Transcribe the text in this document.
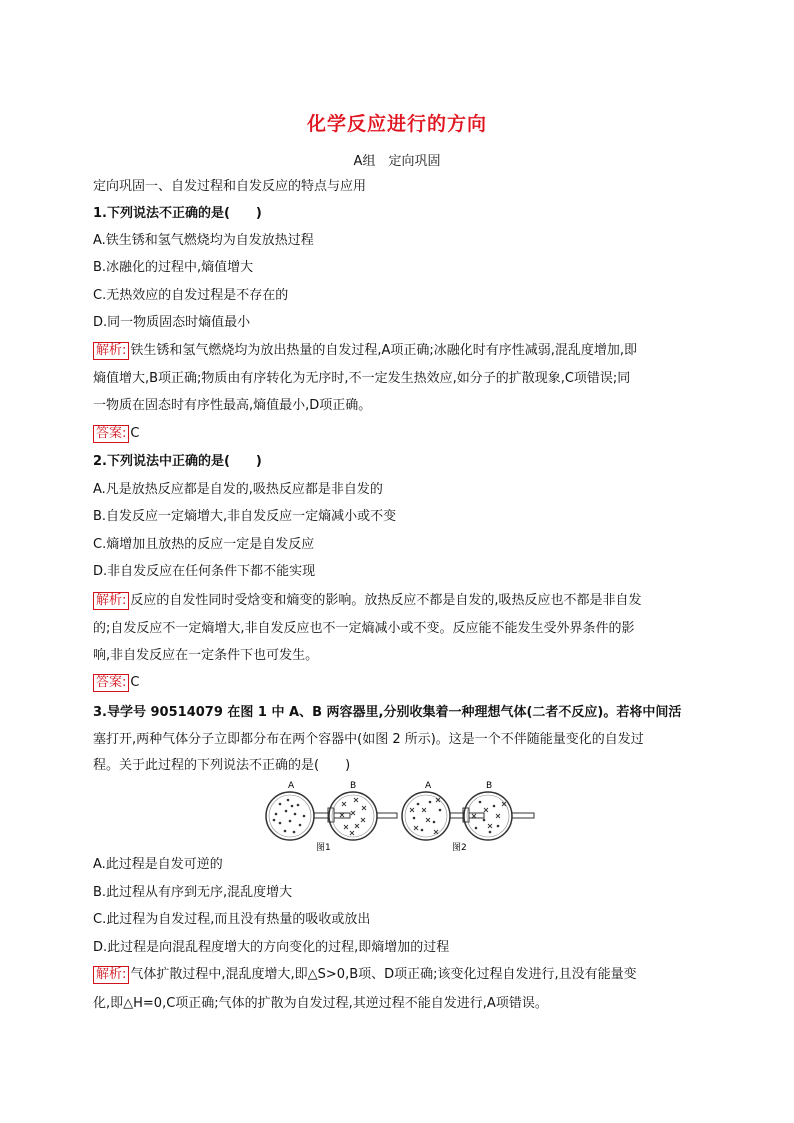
化学反应进行的方向
A组　定向巩固
定向巩固一、自发过程和自发反应的特点与应用
1.下列说法不正确的是(　　)
A.铁生锈和氢气燃烧均为自发放热过程
B.冰融化的过程中,熵值增大
C.无热效应的自发过程是不存在的
D.同一物质固态时熵值最小
解析: 铁生锈和氢气燃烧均为放出热量的自发过程,A项正确;冰融化时有序性减弱,混乱度增加,即
熵值增大,B项正确;物质由有序转化为无序时,不一定发生热效应,如分子的扩散现象,C项错误;同
一物质在固态时有序性最高,熵值最小,D项正确。
答案: C
2.下列说法中正确的是(　　)
A.凡是放热反应都是自发的,吸热反应都是非自发的
B.自发反应一定熵增大,非自发反应一定熵减小或不变
C.熵增加且放热的反应一定是自发反应
D.非自发反应在任何条件下都不能实现
解析: 反应的自发性同时受焓变和熵变的影响。放热反应不都是自发的,吸热反应也不都是非自发
的;自发反应不一定熵增大,非自发反应也不一定熵减小或不变。反应能不能发生受外界条件的影
响,非自发反应在一定条件下也可发生。
答案: C
3.导学号 90514079 在图 1 中 A、B 两容器里,分别收集着一种理想气体(二者不反应)。若将中间活
塞打开,两种气体分子立即都分布在两个容器中(如图 2 所示)。这是一个不伴随能量变化的自发过
程。关于此过程的下列说法不正确的是(　　)
A	B
图1
A	B
图2
A.此过程是自发可逆的
B.此过程从有序到无序,混乱度增大
C.此过程为自发过程,而且没有热量的吸收或放出
D.此过程是向混乱程度增大的方向变化的过程,即熵增加的过程
解析: 气体扩散过程中,混乱度增大,即△S>0,B项、D项正确;该变化过程自发进行,且没有能量变
化,即△H=0,C项正确;气体的扩散为自发过程,其逆过程不能自发进行,A项错误。
